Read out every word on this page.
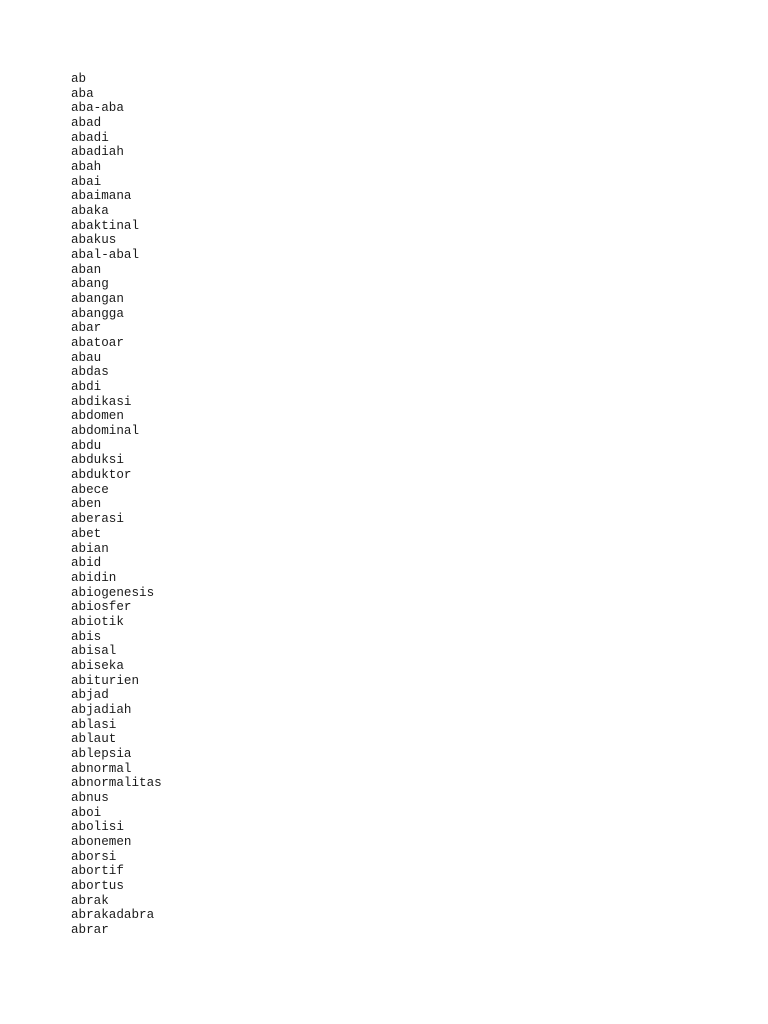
ab
aba
aba-aba
abad
abadi
abadiah
abah
abai
abaimana
abaka
abaktinal
abakus
abal-abal
aban
abang
abangan
abangga
abar
abatoar
abau
abdas
abdi
abdikasi
abdomen
abdominal
abdu
abduksi
abduktor
abece
aben
aberasi
abet
abian
abid
abidin
abiogenesis
abiosfer
abiotik
abis
abisal
abiseka
abiturien
abjad
abjadiah
ablasi
ablaut
ablepsia
abnormal
abnormalitas
abnus
aboi
abolisi
abonemen
aborsi
abortif
abortus
abrak
abrakadabra
abrar
